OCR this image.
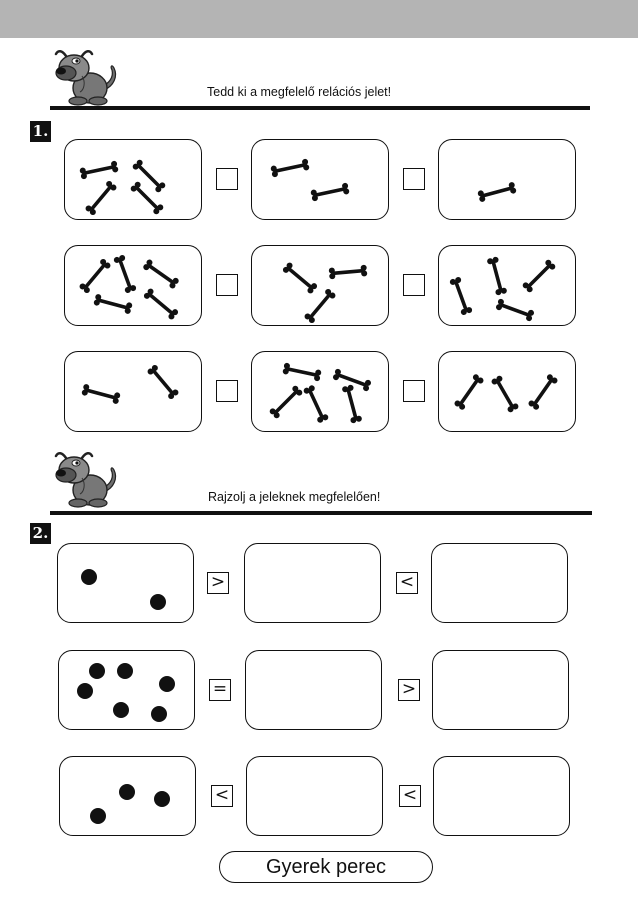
Tedd ki a megfelelő relációs jelet!
1.
Rajzolj a jeleknek megfelelően!
2.
>	<
=	>
<	<
Gyerek perec
